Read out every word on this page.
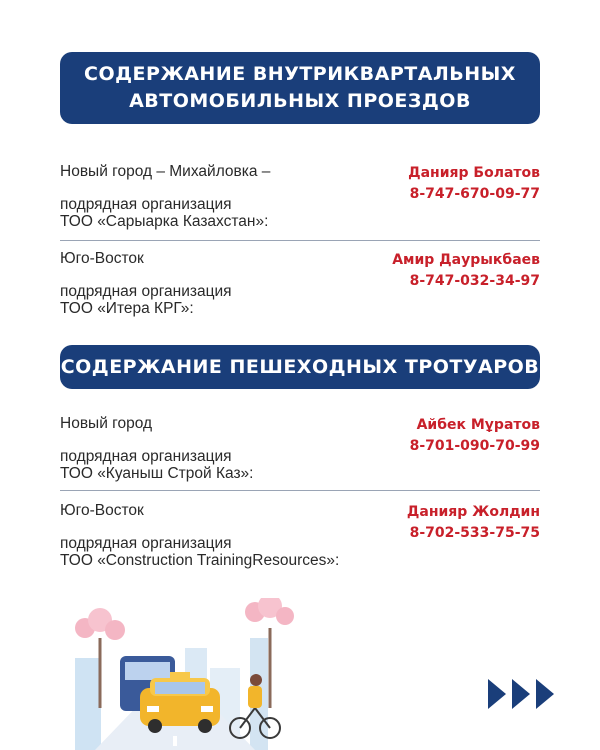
СОДЕРЖАНИЕ ВНУТРИКВАРТАЛЬНЫХ
АВТОМОБИЛЬНЫХ ПРОЕЗДОВ
Новый город – Михайловка –
подрядная организация
ТОО «Сарыарка Казахстан»:
Данияр Болатов
8-747-670-09-77
Юго-Восток
подрядная организация
ТОО «Итера КРГ»:
Амир Даурыкбаев
8-747-032-34-97
СОДЕРЖАНИЕ ПЕШЕХОДНЫХ ТРОТУАРОВ
Новый город
подрядная организация
ТОО «Куаныш Строй Каз»:
Айбек Мұратов
8-701-090-70-99
Юго-Восток
подрядная организация
ТОО «Construction TrainingResources»:
Данияр Жолдин
8-702-533-75-75
